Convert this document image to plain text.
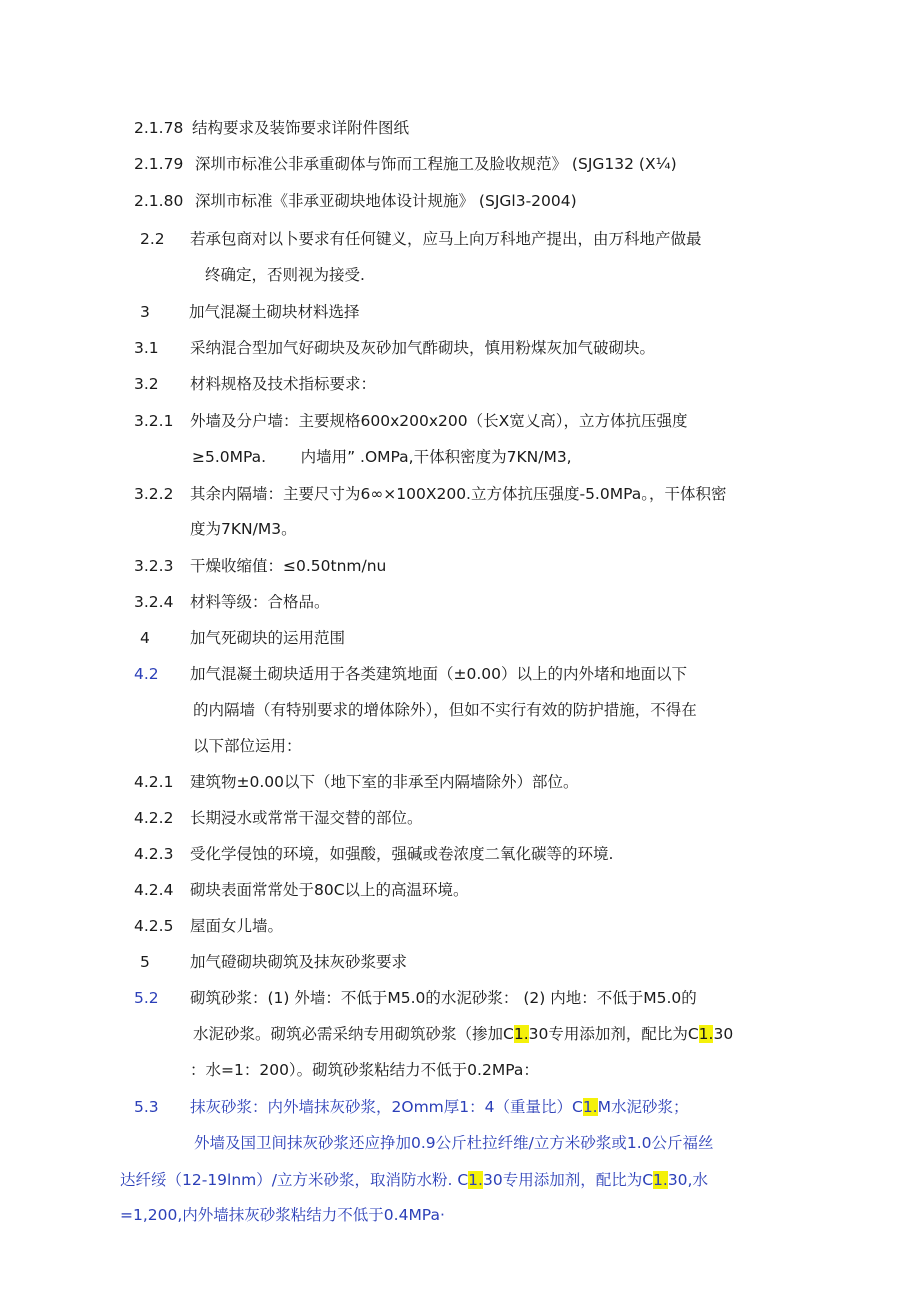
2.1.78
2.1.79
2.1.80
2.2
3
3.1
3.2
3.2.1
3.2.2
3.2.3
3.2.4
4
4.2
4.2.1
4.2.2
4.2.3
4.2.4
4.2.5
5
5.2
5.3
结构要求及装饰要求详附件图纸
深圳市标准公非承重砌体与饰而工程施工及脸收规范》 (SJG132 (X¼)
深圳市标准《非承亚砌块地体设计规施》 (SJGl3-2004)
若承包商对以卜要求有任何键义，应马上向万科地产提出，由万科地产做最
终确定，否则视为接受.
加气混凝土砌块材料选择
采纳混合型加气好砌块及灰砂加气酢砌块，慎用粉煤灰加气破砌块。
材料规格及技术指标要求：
外墙及分户墙：主要规格600x200x200（长X宽乂高），立方体抗压强度
≥5.0MPa.       内墙用” .OMPa,干体积密度为7KN/M3,
其余内隔墙：主要尺寸为6∞×100X200.立方体抗压强度-5.0MPa。，干体积密
度为7KN/M3。
干燥收缩值：≤0.50tnm∕nu
材料等级：合格品。
加气死砌块的运用范围
加气混凝土砌块适用于各类建筑地面（±0.00）以上的内外堵和地面以下
的内隔墙（有特别要求的增体除外），但如不实行有效的防护措施，不得在
以下部位运用：
建筑物±0.00以下（地下室的非承至内隔墙除外）部位。
长期浸水或常常干湿交替的部位。
受化学侵蚀的环境，如强酸，强碱或卷浓度二氧化碳等的环境.
砌块表面常常处于80C以上的高温环境。
屋面女儿墙。
加气磴砌块砌筑及抹灰砂浆要求
砌筑砂浆：(1) 外墙：不低于M5.0的水泥砂浆： (2) 内地：不低于M5.0的
水泥砂浆。砌筑必需采纳专用砌筑砂浆（掺加C1.30专用添加剂，配比为C1.30
：水=1：200）。砌筑砂浆粘结力不低于0.2MPa：
抹灰砂浆：内外墙抹灰砂浆，2Omm厚1：4（重量比）C1.M水泥砂浆；
外墙及国卫间抹灰砂浆还应挣加0.9公斤杜拉纤维/立方米砂浆或1.0公斤福丝
达纤绥（12-19lnm）/立方米砂浆，取消防水粉. C1.30专用添加剂，配比为C1.30,水
=1,200,内外墙抹灰砂浆粘结力不低于0.4MPa·
